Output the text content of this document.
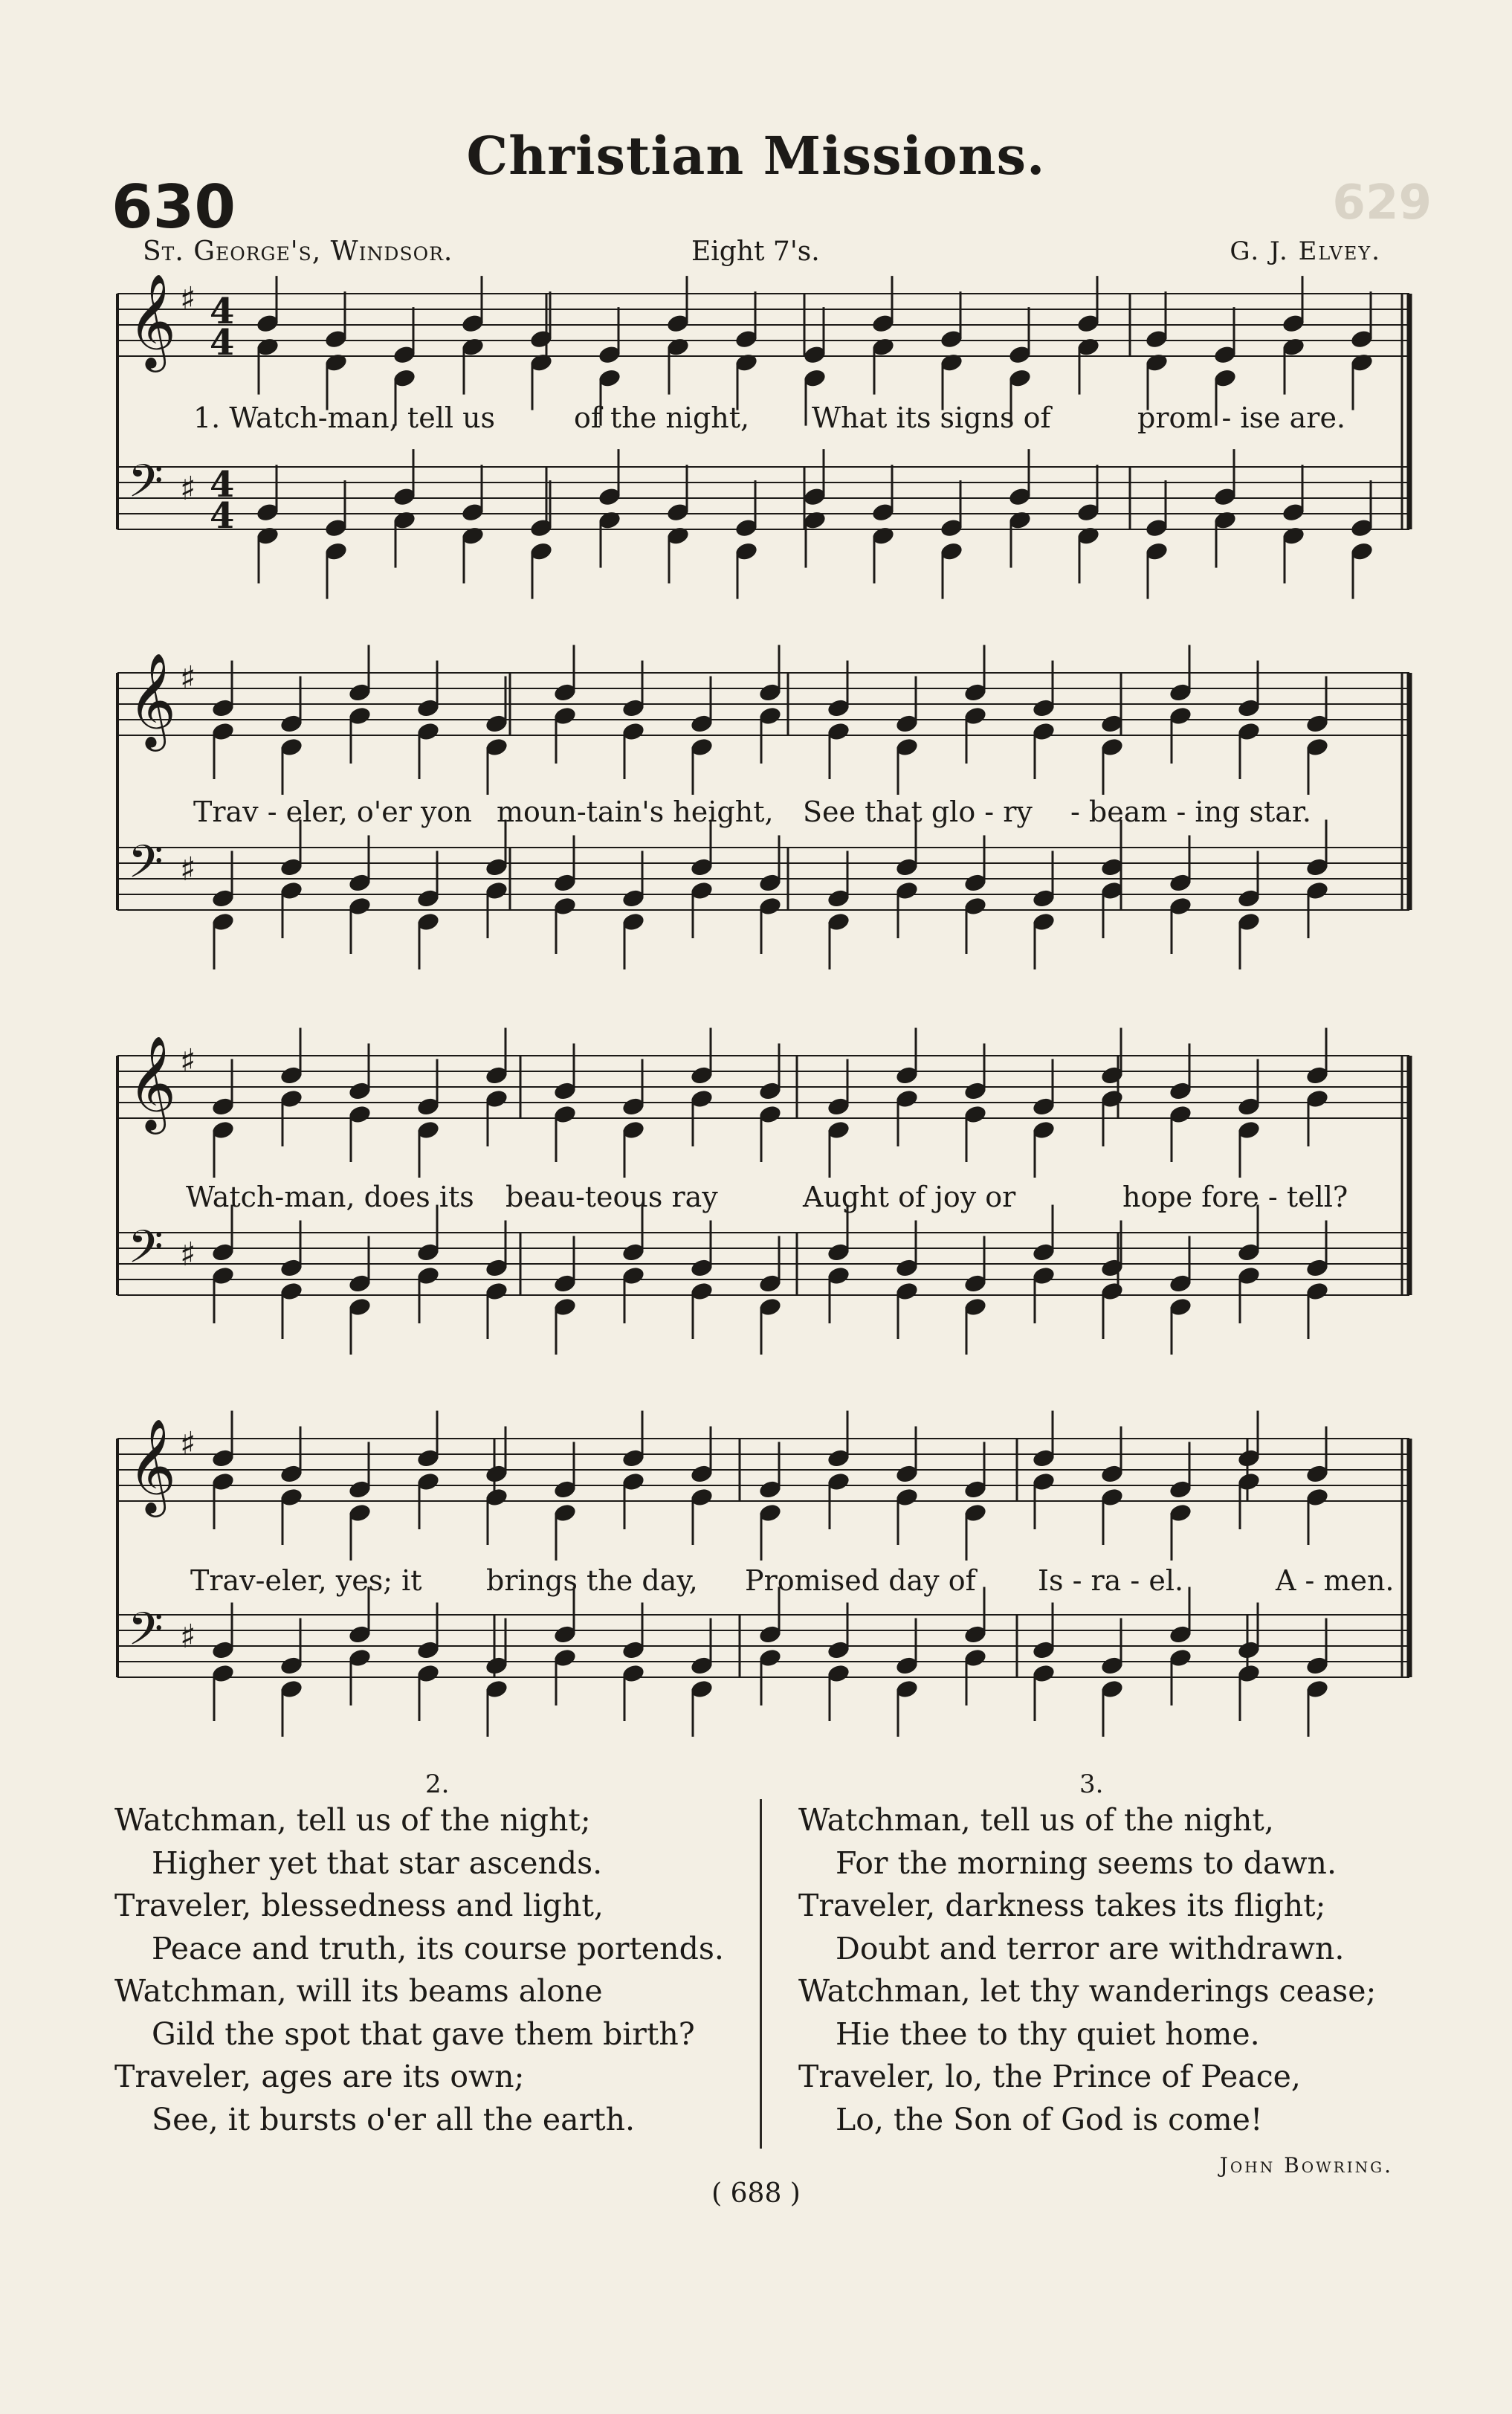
Christian Missions.
629
630
St. George's, Windsor.	Eight 7's.	G. J. Elvey.
𝄞 ♯
𝄢 ♯
𝄞 ♯
𝄢 ♯
𝄞 ♯
𝄢 ♯
𝄞 ♯
𝄢 ♯
4
4
4
4
1. Watch-man, tell us	of the night, What its signs of	prom - ise are.
Trav - eler, o'er yon moun-tain's height, See that glo - ry - beam - ing star.
Watch-man, does its beau-teous ray	Aught of joy or	hope fore - tell?
Trav-eler, yes; it brings the day, Promised day of Is - ra - el.	A - men.
2.
Watchman, tell us of the night;
Higher yet that star ascends.
Traveler, blessedness and light,
Peace and truth, its course portends.
Watchman, will its beams alone
Gild the spot that gave them birth?
Traveler, ages are its own;
See, it bursts o'er all the earth.
3.
Watchman, tell us of the night,
For the morning seems to dawn.
Traveler, darkness takes its flight;
Doubt and terror are withdrawn.
Watchman, let thy wanderings cease;
Hie thee to thy quiet home.
Traveler, lo, the Prince of Peace,
Lo, the Son of God is come!
John Bowring.
( 688 )
